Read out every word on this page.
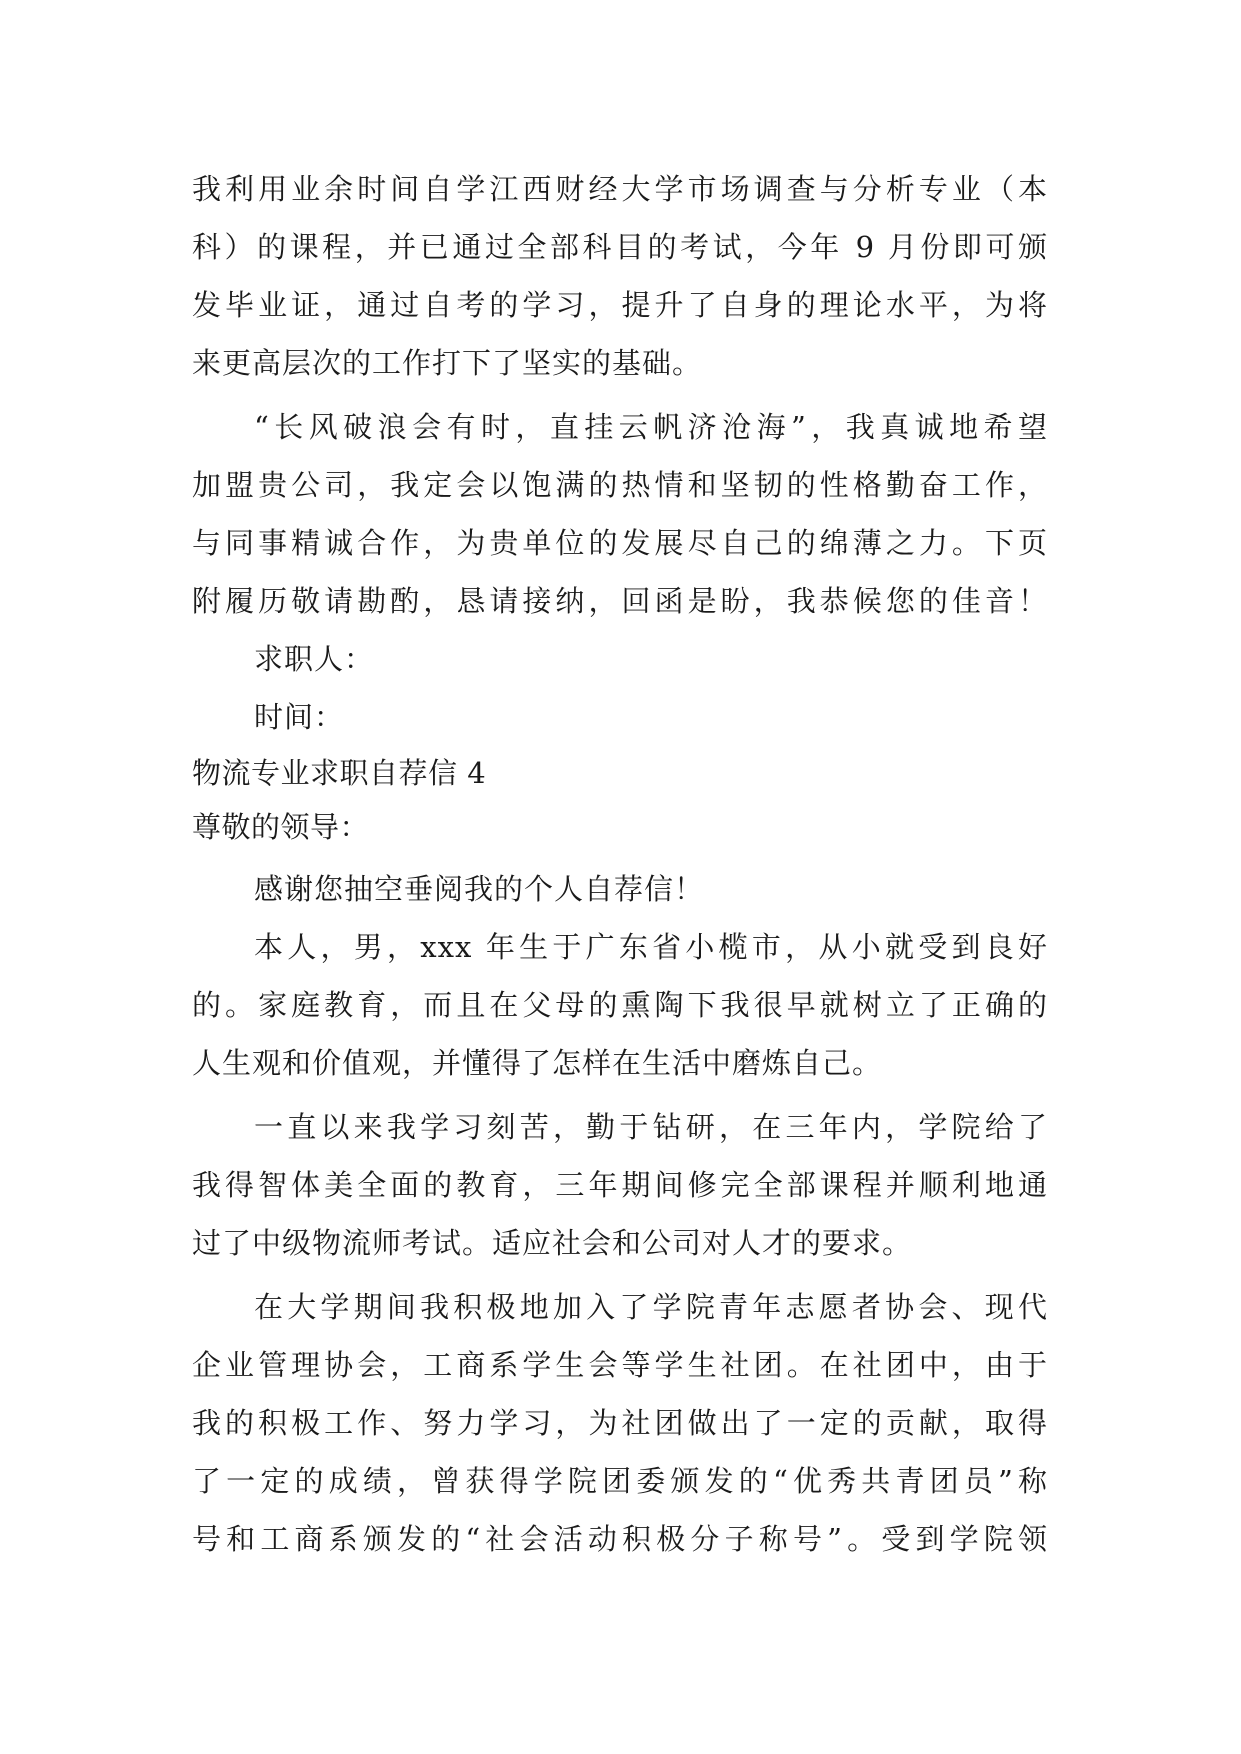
我利用业余时间自学江西财经大学市场调查与分析专业（本
科）的课程，并已通过全部科目的考试，今年 9 月份即可颁
发毕业证，通过自考的学习，提升了自身的理论水平，为将
来更高层次的工作打下了坚实的基础。
“长风破浪会有时，直挂云帆济沧海”，我真诚地希望
加盟贵公司，我定会以饱满的热情和坚韧的性格勤奋工作，
与同事精诚合作，为贵单位的发展尽自己的绵薄之力。下页
附履历敬请勘酌，恳请接纳，回函是盼，我恭候您的佳音！
求职人：
时间：
物流专业求职自荐信 4
尊敬的领导：
感谢您抽空垂阅我的个人自荐信！
本人，男，xxx 年生于广东省小榄市，从小就受到良好
的。家庭教育，而且在父母的熏陶下我很早就树立了正确的
人生观和价值观，并懂得了怎样在生活中磨炼自己。
一直以来我学习刻苦，勤于钻研，在三年内，学院给了
我得智体美全面的教育，三年期间修完全部课程并顺利地通
过了中级物流师考试。适应社会和公司对人才的要求。
在大学期间我积极地加入了学院青年志愿者协会、现代
企业管理协会，工商系学生会等学生社团。在社团中，由于
我的积极工作、努力学习，为社团做出了一定的贡献，取得
了一定的成绩，曾获得学院团委颁发的“优秀共青团员”称
号和工商系颁发的“社会活动积极分子称号”。受到学院领
